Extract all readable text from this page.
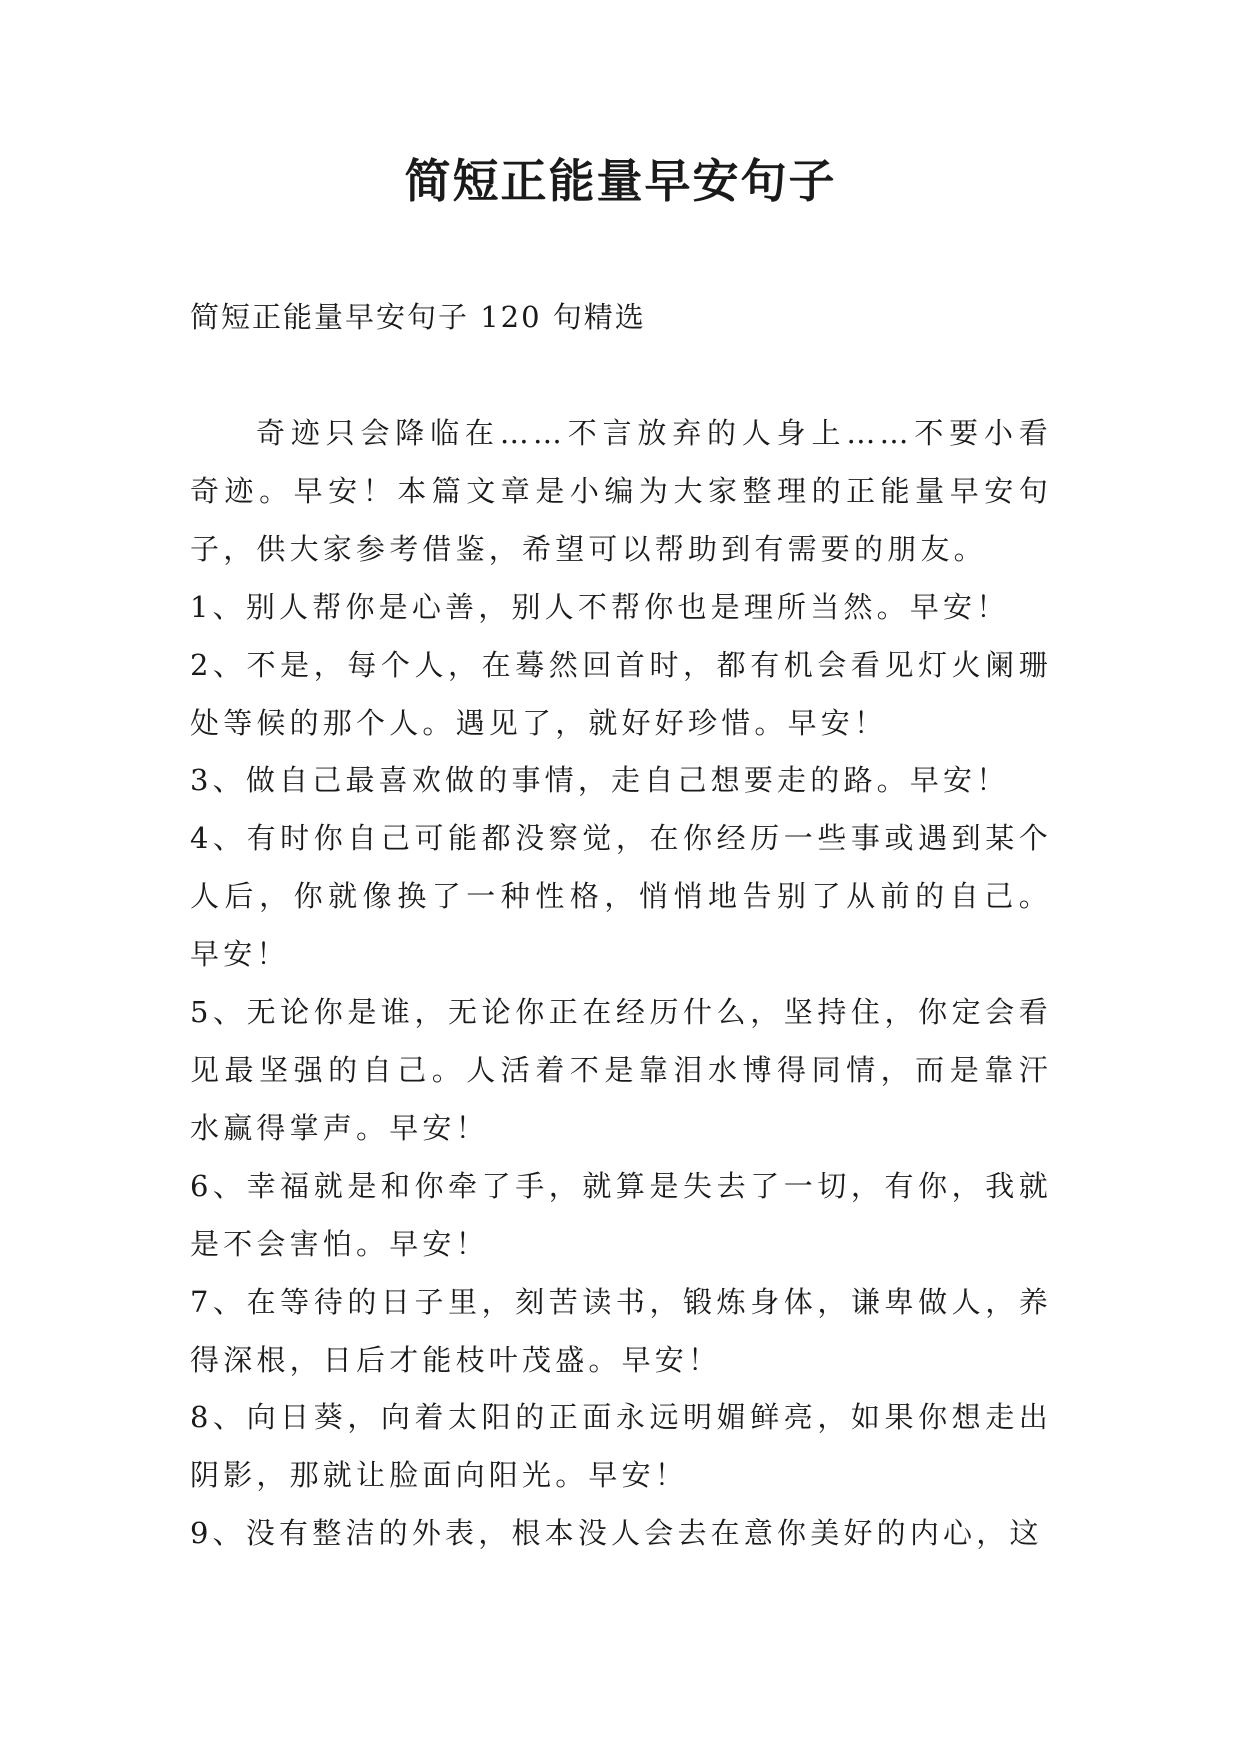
简短正能量早安句子

简短正能量早安句子 120 句精选

奇迹只会降临在……不言放弃的人身上……不要小看奇迹。早安！本篇文章是小编为大家整理的正能量早安句子，供大家参考借鉴，希望可以帮助到有需要的朋友。

1、别人帮你是心善，别人不帮你也是理所当然。早安！

2、不是，每个人，在蓦然回首时，都有机会看见灯火阑珊处等候的那个人。遇见了，就好好珍惜。早安！

3、做自己最喜欢做的事情，走自己想要走的路。早安！

4、有时你自己可能都没察觉，在你经历一些事或遇到某个人后，你就像换了一种性格，悄悄地告别了从前的自己。早安！

5、无论你是谁，无论你正在经历什么，坚持住，你定会看见最坚强的自己。人活着不是靠泪水博得同情，而是靠汗水赢得掌声。早安！

6、幸福就是和你牵了手，就算是失去了一切，有你，我就是不会害怕。早安！

7、在等待的日子里，刻苦读书，锻炼身体，谦卑做人，养得深根，日后才能枝叶茂盛。早安！

8、向日葵，向着太阳的正面永远明媚鲜亮，如果你想走出阴影，那就让脸面向阳光。早安！

9、没有整洁的外表，根本没人会去在意你美好的内心，这
